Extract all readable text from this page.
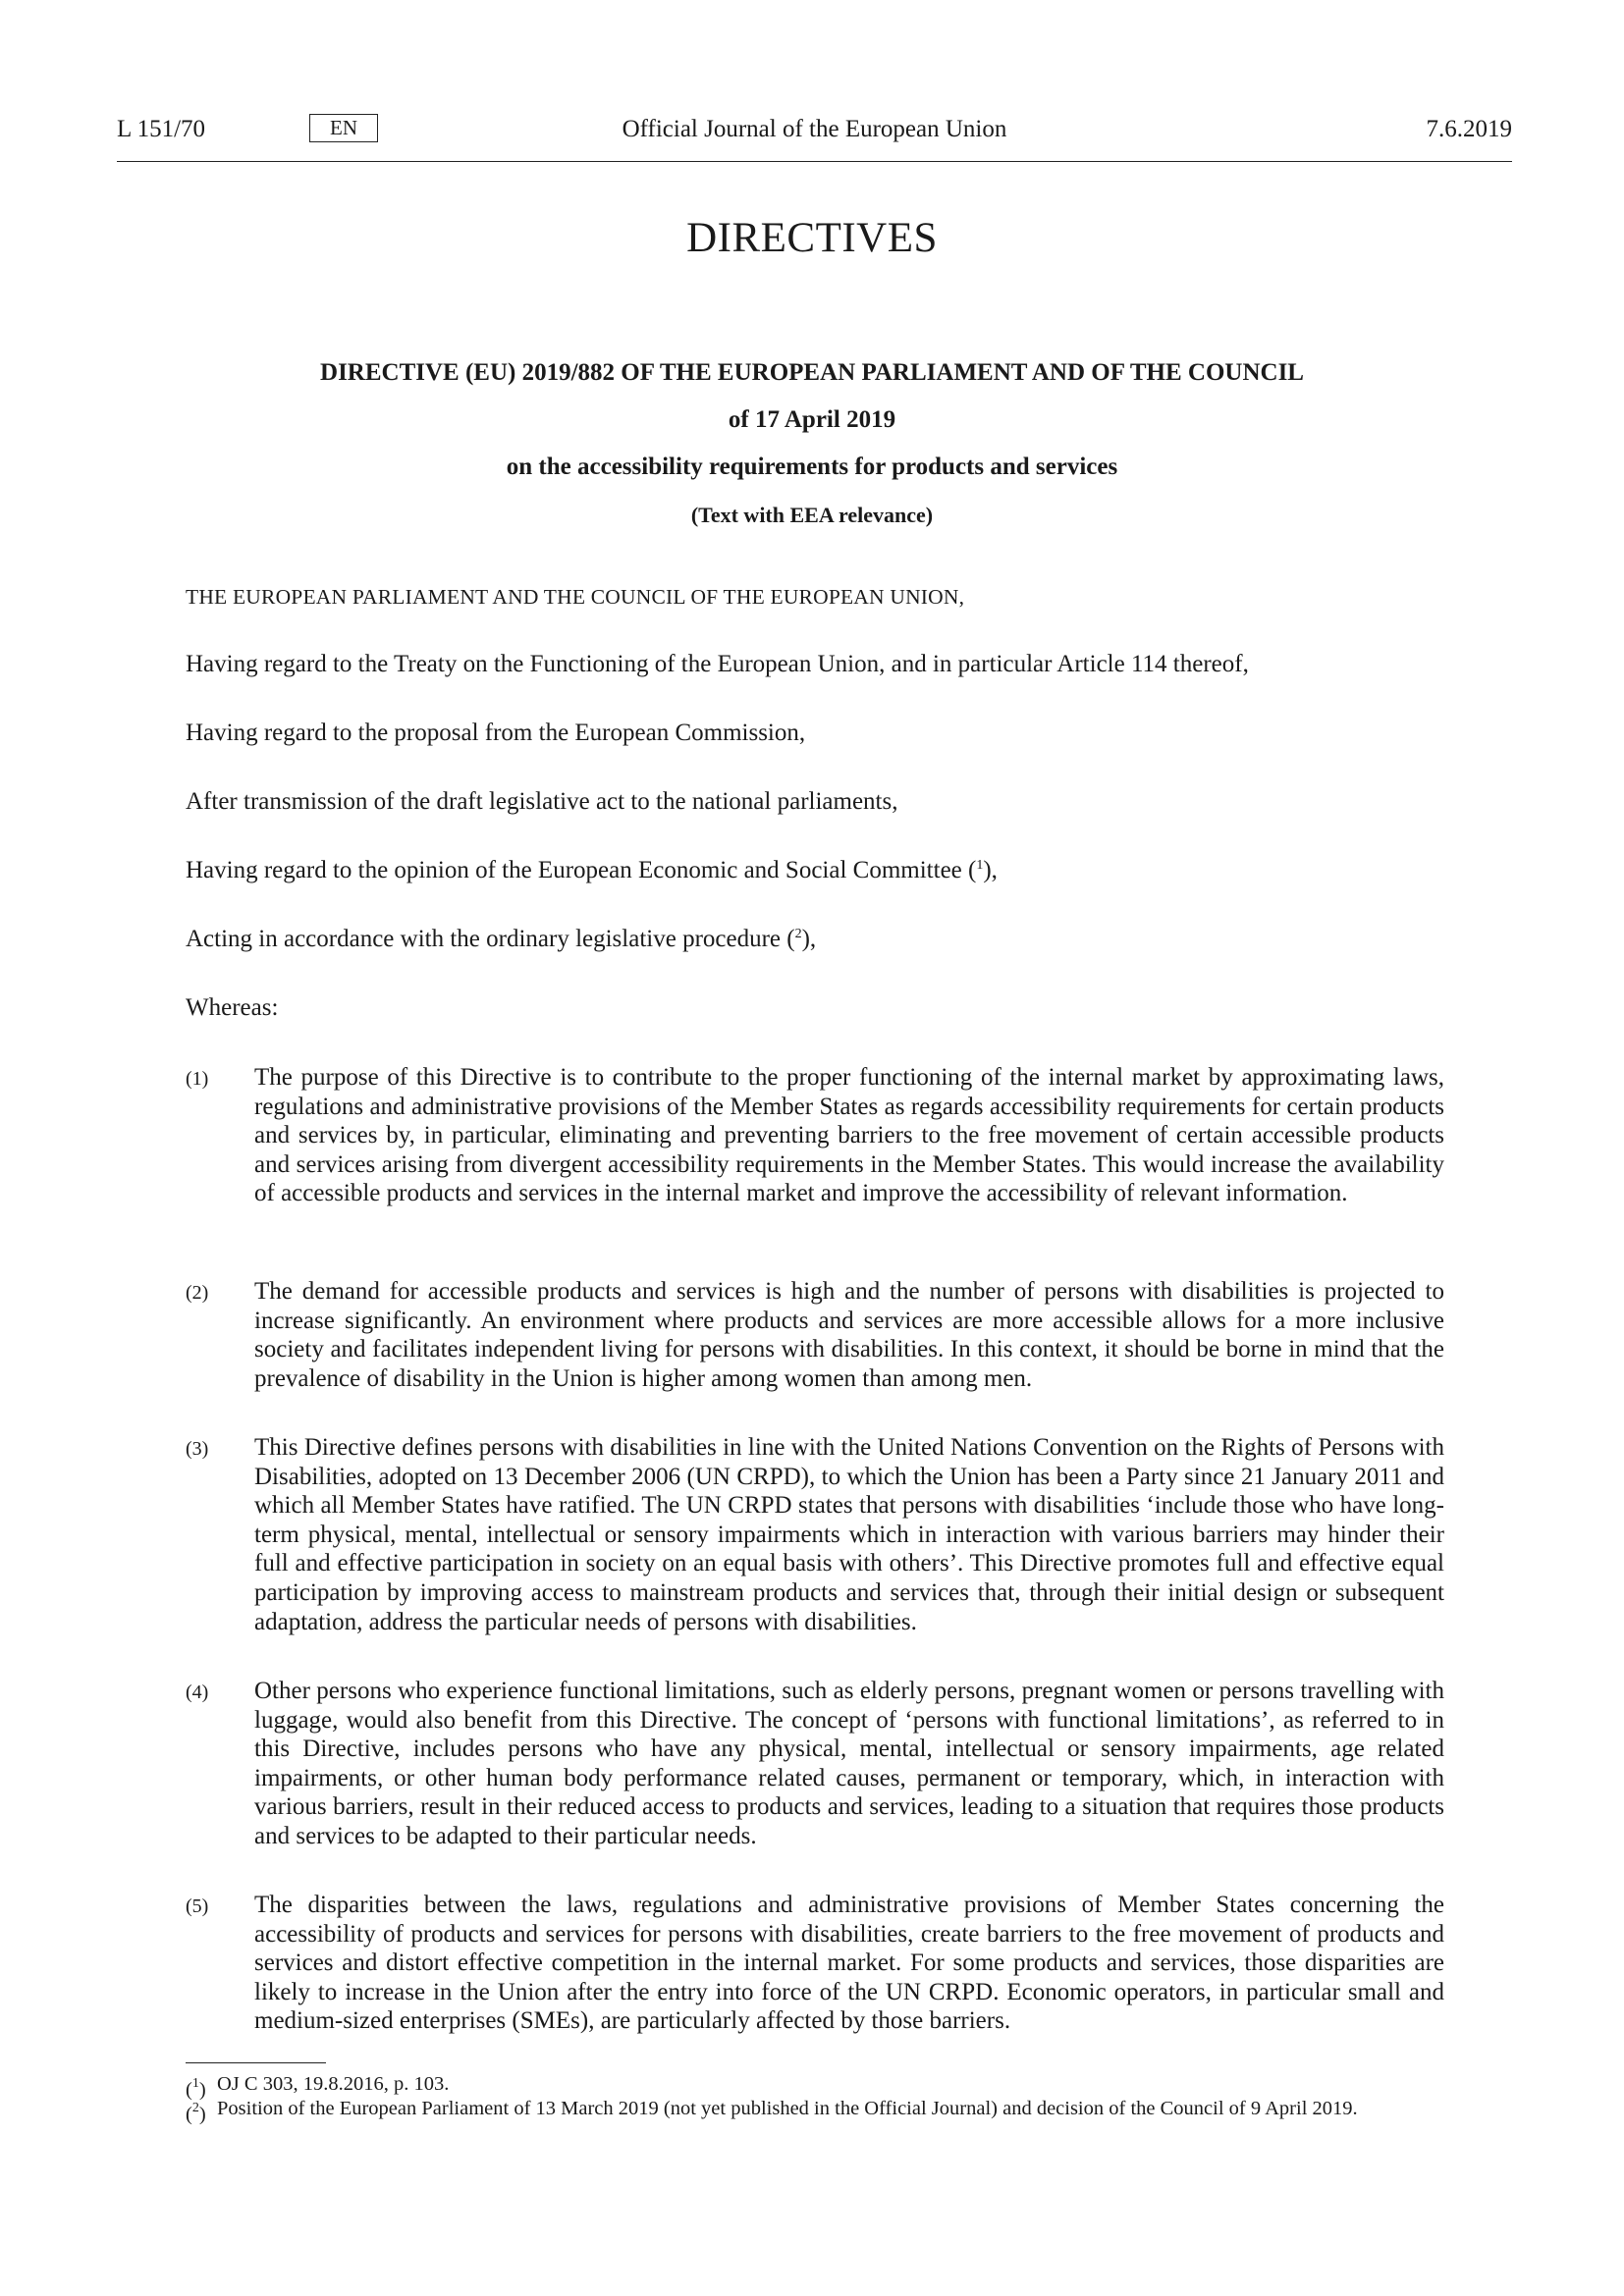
L 151/70	EN	Official Journal of the European Union	7.6.2019
DIRECTIVES
DIRECTIVE (EU) 2019/882 OF THE EUROPEAN PARLIAMENT AND OF THE COUNCIL
of 17 April 2019
on the accessibility requirements for products and services
(Text with EEA relevance)
THE EUROPEAN PARLIAMENT AND THE COUNCIL OF THE EUROPEAN UNION,
Having regard to the Treaty on the Functioning of the European Union, and in particular Article 114 thereof,
Having regard to the proposal from the European Commission,
After transmission of the draft legislative act to the national parliaments,
Having regard to the opinion of the European Economic and Social Committee ($^1$),
Acting in accordance with the ordinary legislative procedure ($^2$),
Whereas:
(1) The purpose of this Directive is to contribute to the proper functioning of the internal market by approximating laws, regulations and administrative provisions of the Member States as regards accessibility requirements for certain products and services by, in particular, eliminating and preventing barriers to the free movement of certain accessible products and services arising from divergent accessibility requirements in the Member States. This would increase the availability of accessible products and services in the internal market and improve the accessibility of relevant information.
(2) The demand for accessible products and services is high and the number of persons with disabilities is projected to increase significantly. An environment where products and services are more accessible allows for a more inclusive society and facilitates independent living for persons with disabilities. In this context, it should be borne in mind that the prevalence of disability in the Union is higher among women than among men.
(3) This Directive defines persons with disabilities in line with the United Nations Convention on the Rights of Persons with Disabilities, adopted on 13 December 2006 (UN CRPD), to which the Union has been a Party since 21 January 2011 and which all Member States have ratified. The UN CRPD states that persons with disabilities ‘include those who have long-term physical, mental, intellectual or sensory impairments which in interaction with various barriers may hinder their full and effective participation in society on an equal basis with others’. This Directive promotes full and effective equal participation by improving access to mainstream products and services that, through their initial design or subsequent adaptation, address the particular needs of persons with disabilities.
(4) Other persons who experience functional limitations, such as elderly persons, pregnant women or persons travelling with luggage, would also benefit from this Directive. The concept of ‘persons with functional limitations’, as referred to in this Directive, includes persons who have any physical, mental, intellectual or sensory impairments, age related impairments, or other human body performance related causes, permanent or temporary, which, in interaction with various barriers, result in their reduced access to products and services, leading to a situation that requires those products and services to be adapted to their particular needs.
(5) The disparities between the laws, regulations and administrative provisions of Member States concerning the accessibility of products and services for persons with disabilities, create barriers to the free movement of products and services and distort effective competition in the internal market. For some products and services, those disparities are likely to increase in the Union after the entry into force of the UN CRPD. Economic operators, in particular small and medium-sized enterprises (SMEs), are particularly affected by those barriers.
($^1$) OJ C 303, 19.8.2016, p. 103.
($^2$) Position of the European Parliament of 13 March 2019 (not yet published in the Official Journal) and decision of the Council of 9 April 2019.
